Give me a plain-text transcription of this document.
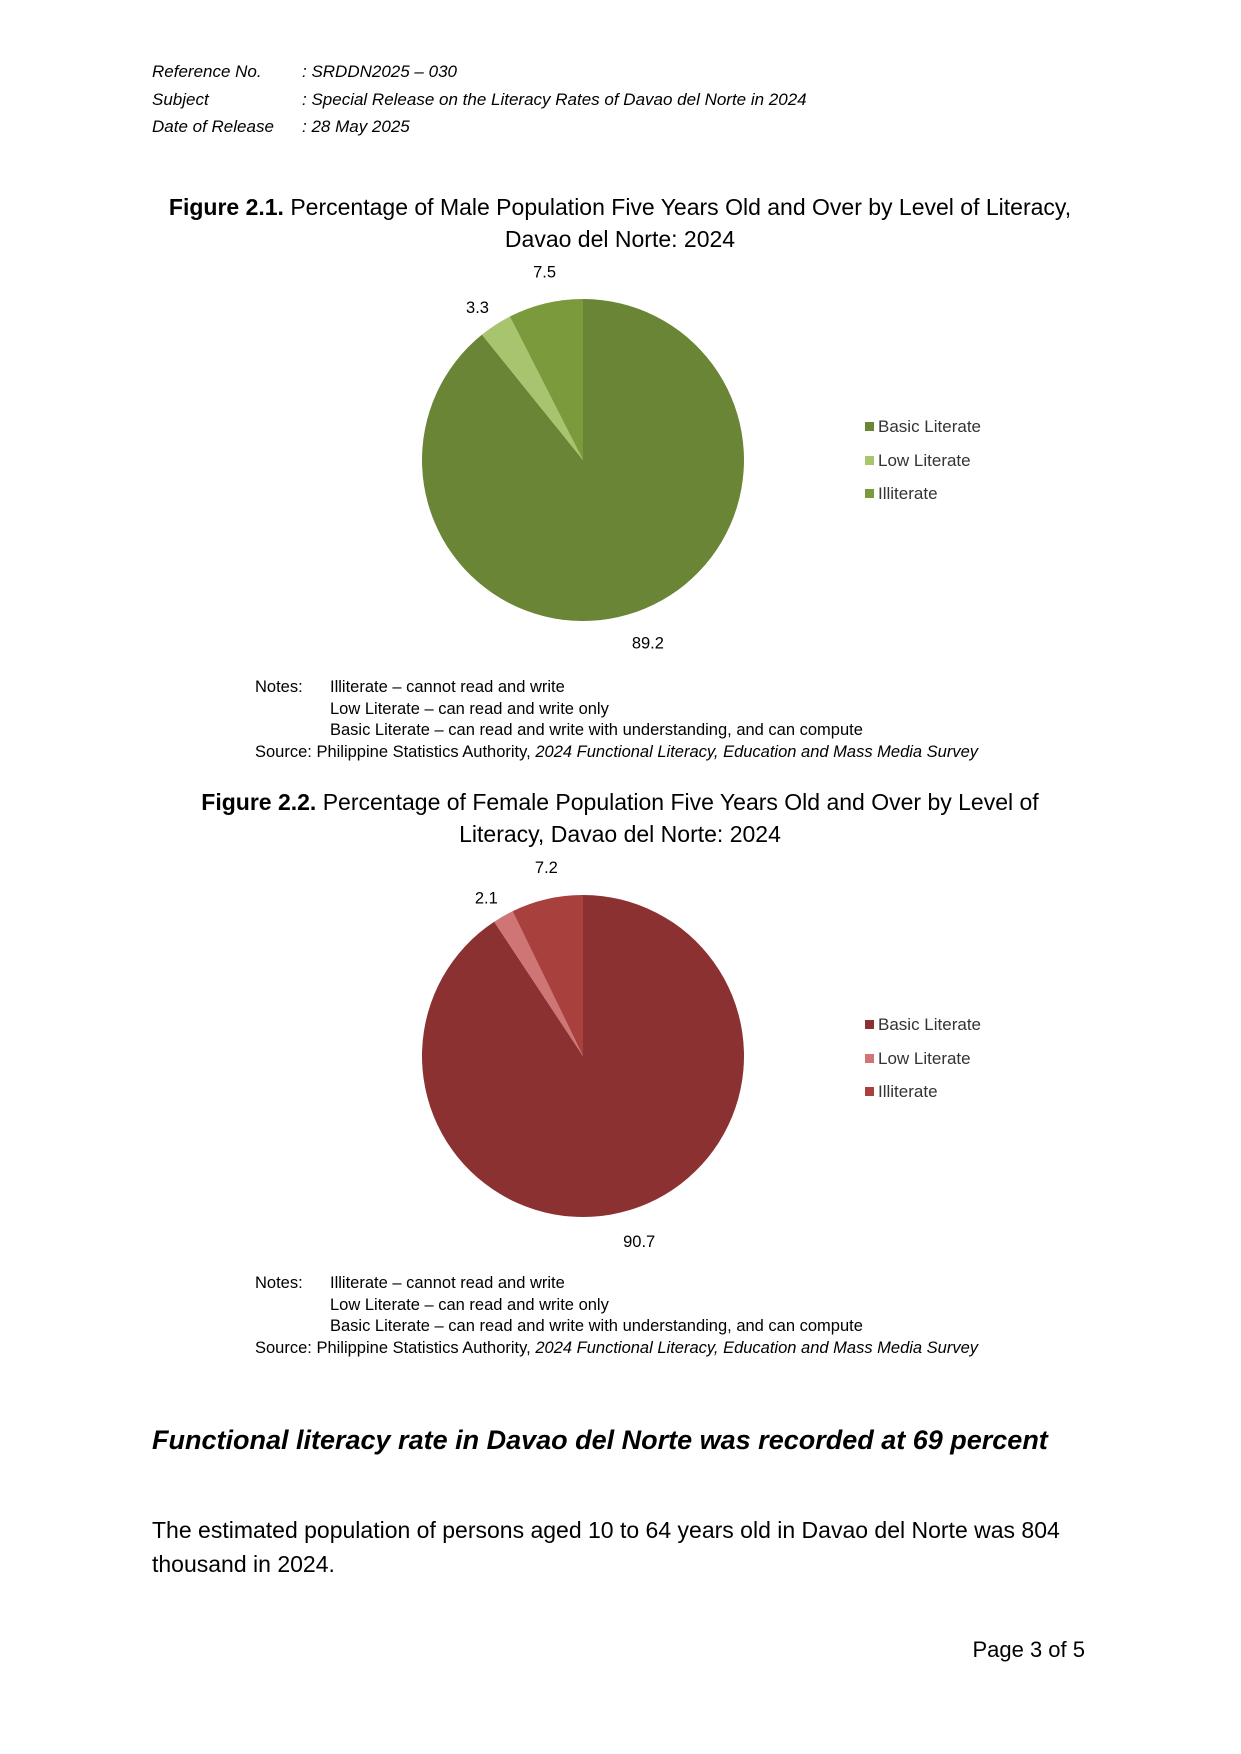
Reference No.	: SRDDN2025 – 030
Subject	: Special Release on the Literacy Rates of Davao del Norte in 2024
Date of Release	: 28 May 2025
Figure 2.1. Percentage of Male Population Five Years Old and Over by Level of Literacy, Davao del Norte: 2024
89.2
3.3
7.5
Basic Literate
Low Literate
Illiterate
Notes:	Illiterate – cannot read and write
Low Literate – can read and write only
Basic Literate – can read and write with understanding, and can compute
Source: Philippine Statistics Authority, 2024 Functional Literacy, Education and Mass Media Survey
Figure 2.2. Percentage of Female Population Five Years Old and Over by Level of Literacy, Davao del Norte: 2024
90.7
2.1
7.2
Basic Literate
Low Literate
Illiterate
Notes:	Illiterate – cannot read and write
Low Literate – can read and write only
Basic Literate – can read and write with understanding, and can compute
Source: Philippine Statistics Authority, 2024 Functional Literacy, Education and Mass Media Survey
Functional literacy rate in Davao del Norte was recorded at 69 percent
The estimated population of persons aged 10 to 64 years old in Davao del Norte was 804 thousand in 2024.
Page 3 of 5
